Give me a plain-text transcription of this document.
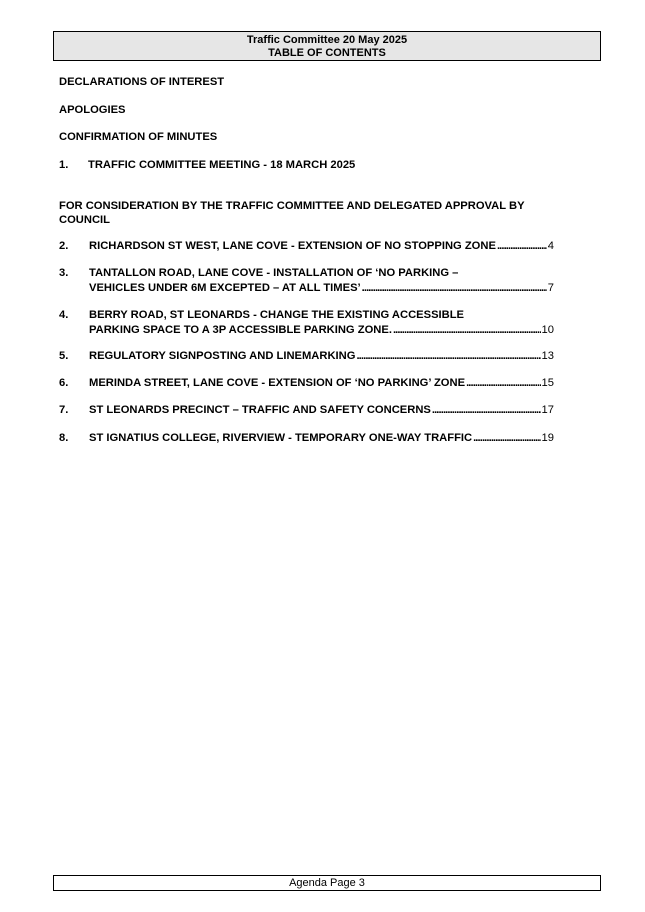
Traffic Committee 20 May 2025
TABLE OF CONTENTS
DECLARATIONS OF INTEREST
APOLOGIES
CONFIRMATION OF MINUTES
1. TRAFFIC COMMITTEE MEETING - 18 MARCH 2025
FOR CONSIDERATION BY THE TRAFFIC COMMITTEE AND DELEGATED APPROVAL BY COUNCIL
2. RICHARDSON ST WEST, LANE COVE - EXTENSION OF NO STOPPING ZONE . . .	4
3. TANTALLON ROAD, LANE COVE - INSTALLATION OF ‘NO PARKING –
VEHICLES UNDER 6M EXCEPTED – AT ALL TIMES’ . . .	7
4. BERRY ROAD, ST LEONARDS - CHANGE THE EXISTING ACCESSIBLE
PARKING SPACE TO A 3P ACCESSIBLE PARKING ZONE. . . .	10
5. REGULATORY SIGNPOSTING AND LINEMARKING . . .	13
6. MERINDA STREET, LANE COVE - EXTENSION OF ‘NO PARKING’ ZONE . . .	15
7. ST LEONARDS PRECINCT – TRAFFIC AND SAFETY CONCERNS . . .	17
8. ST IGNATIUS COLLEGE, RIVERVIEW - TEMPORARY ONE-WAY TRAFFIC . . .	19
Agenda Page 3
